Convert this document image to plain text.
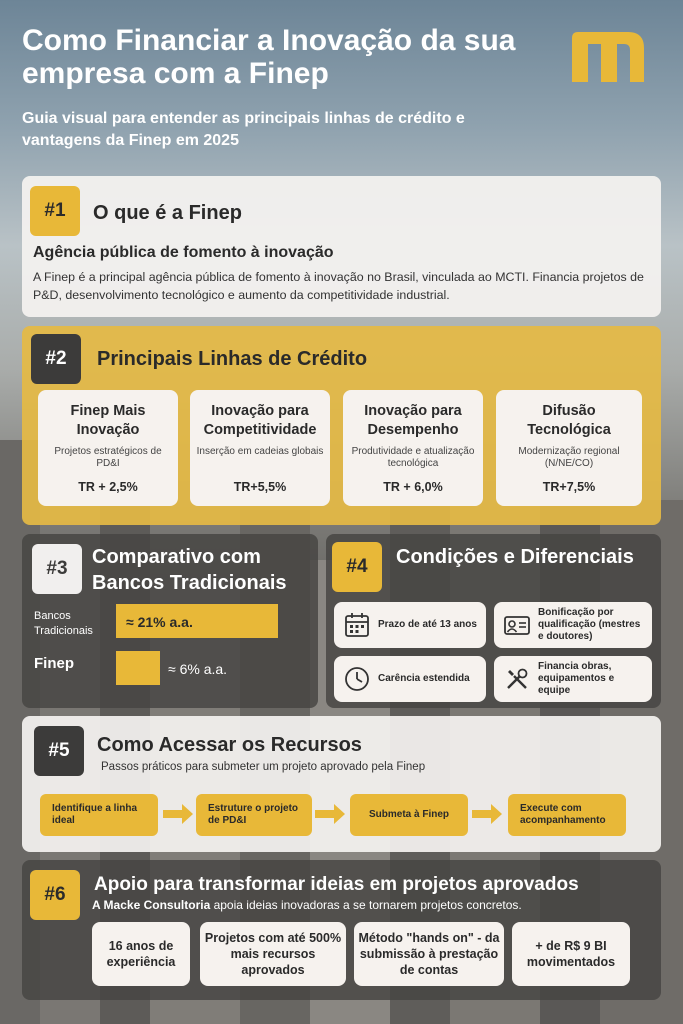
Como Financiar a Inovação da sua empresa com a Finep
Guia visual para entender as principais linhas de crédito e vantagens da Finep em 2025
#1	O que é a Finep
Agência pública de fomento à inovação
A Finep é a principal agência pública de fomento à inovação no Brasil, vinculada ao MCTI. Financia projetos de P&D, desenvolvimento tecnológico e aumento da competitividade industrial.
#2	Principais Linhas de Crédito
Finep Mais Inovação
Projetos estratégicos de PD&I
TR + 2,5%
Inovação para Competitividade
Inserção em cadeias globais
TR+5,5%
Inovação para Desempenho
Produtividade e atualização tecnológica
TR + 6,0%
Difusão Tecnológica
Modernização regional (N/NE/CO)
TR+7,5%
#3
Comparativo com Bancos Tradicionais
Bancos Tradicionais
≈ 21% a.a.
Finep	≈ 6% a.a.
#4	Condições e Diferenciais
Prazo de até 13 anos
Bonificação por qualificação (mestres e doutores)
Carência estendida
Financia obras, equipamentos e equipe
#5	Como Acessar os Recursos
Passos práticos para submeter um projeto aprovado pela Finep
Identifique a linha ideal
Estruture o projeto de PD&I
Submeta à Finep
Execute com acompanhamento
#6	Apoio para transformar ideias em projetos aprovados
A Macke Consultoria apoia ideias inovadoras a se tornarem projetos concretos.
16 anos de experiência
Projetos com até 500% mais recursos aprovados
Método "hands on" - da submissão à prestação de contas
+ de R$ 9 BI movimentados
